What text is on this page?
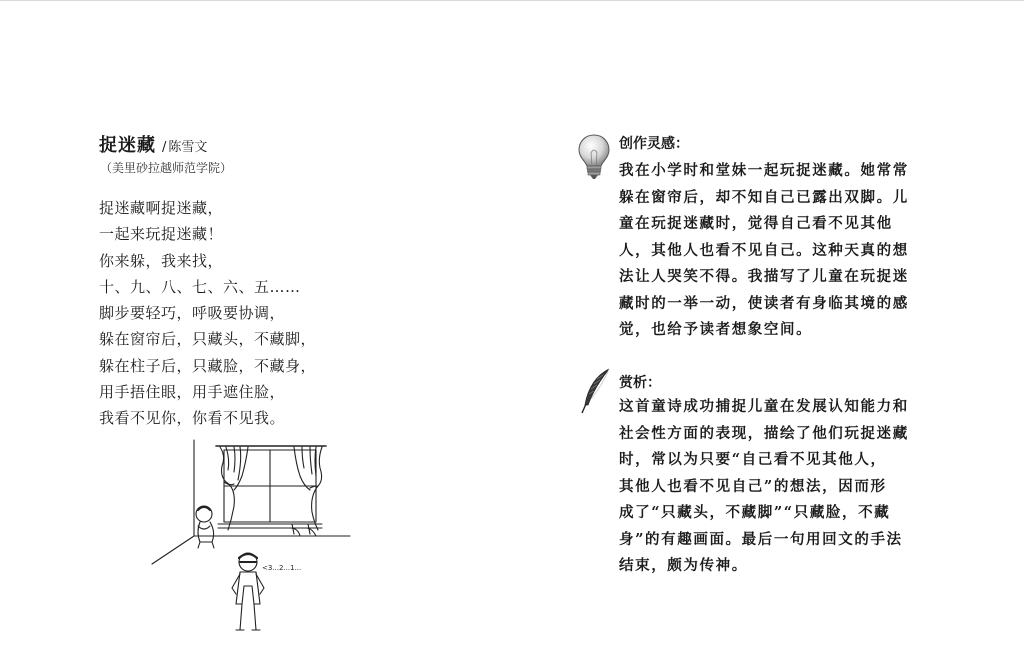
捉迷藏 / 陈雪文
（美里砂拉越师范学院）
捉迷藏啊捉迷藏，
一起来玩捉迷藏！
你来躲，我来找，
十、九、八、七、六、五……
脚步要轻巧，呼吸要协调，
躲在窗帘后，只藏头，不藏脚，
躲在柱子后，只藏脸，不藏身，
用手捂住眼，用手遮住脸，
我看不见你，你看不见我。
<3...2...1...
创作灵感：
我在小学时和堂妹一起玩捉迷藏。她常常
躲在窗帘后，却不知自己已露出双脚。儿
童在玩捉迷藏时，觉得自己看不见其他
人，其他人也看不见自己。这种天真的想
法让人哭笑不得。我描写了儿童在玩捉迷
藏时的一举一动，使读者有身临其境的感
觉，也给予读者想象空间。
赏析：
这首童诗成功捕捉儿童在发展认知能力和
社会性方面的表现，描绘了他们玩捉迷藏
时，常以为只要“自己看不见其他人，
其他人也看不见自己”的想法，因而形
成了“只藏头，不藏脚”“只藏脸，不藏
身”的有趣画面。最后一句用回文的手法
结束，颇为传神。
